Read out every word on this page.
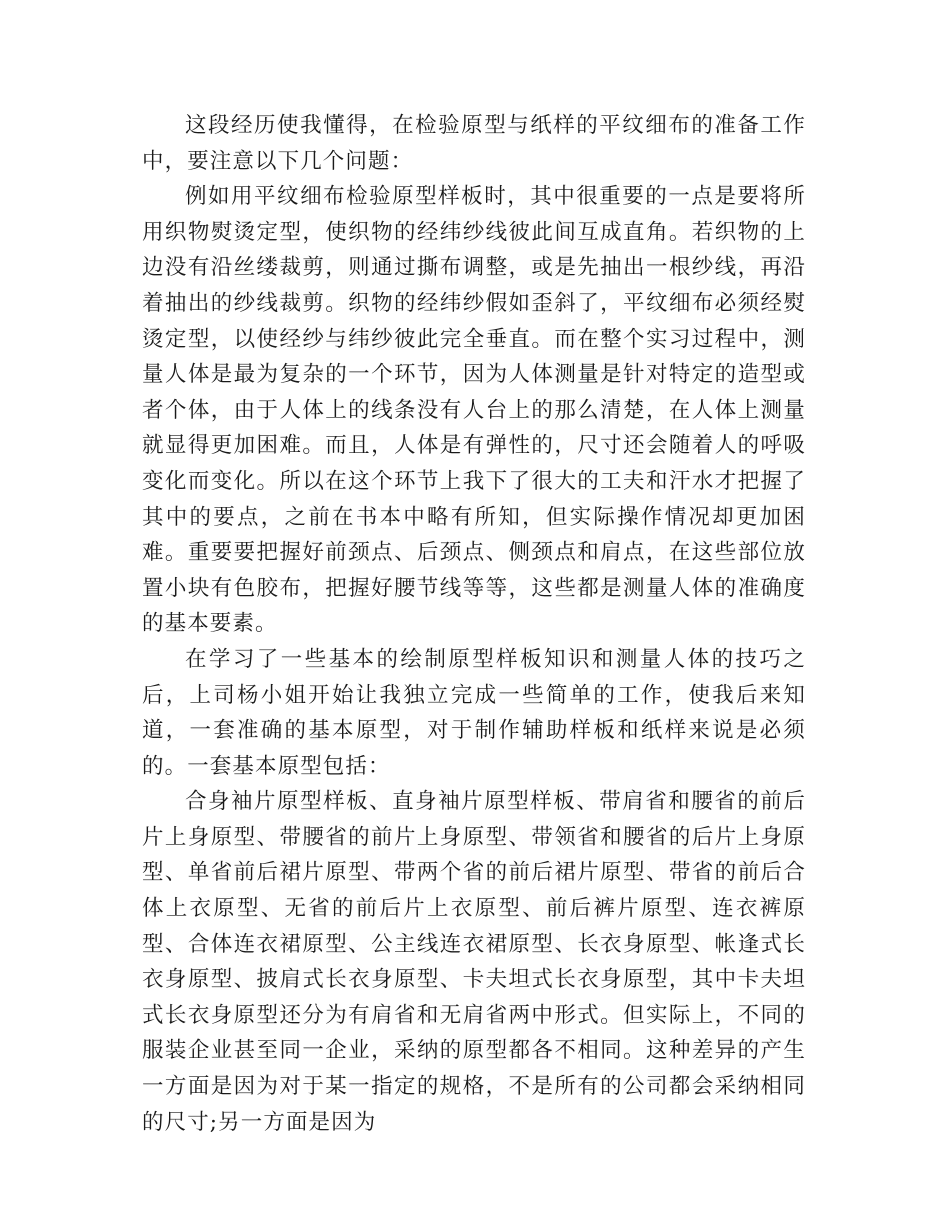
这段经历使我懂得，在检验原型与纸样的平纹细布的准备工作中，要注意以下几个问题：

例如用平纹细布检验原型样板时，其中很重要的一点是要将所用织物熨烫定型，使织物的经纬纱线彼此间互成直角。若织物的上边没有沿丝缕裁剪，则通过撕布调整，或是先抽出一根纱线，再沿着抽出的纱线裁剪。织物的经纬纱假如歪斜了，平纹细布必须经熨烫定型，以使经纱与纬纱彼此完全垂直。而在整个实习过程中，测量人体是最为复杂的一个环节，因为人体测量是针对特定的造型或者个体，由于人体上的线条没有人台上的那么清楚，在人体上测量就显得更加困难。而且，人体是有弹性的，尺寸还会随着人的呼吸变化而变化。所以在这个环节上我下了很大的工夫和汗水才把握了其中的要点，之前在书本中略有所知，但实际操作情况却更加困难。重要要把握好前颈点、后颈点、侧颈点和肩点，在这些部位放置小块有色胶布，把握好腰节线等等，这些都是测量人体的准确度的基本要素。

在学习了一些基本的绘制原型样板知识和测量人体的技巧之后，上司杨小姐开始让我独立完成一些简单的工作，使我后来知道，一套准确的基本原型，对于制作辅助样板和纸样来说是必须的。一套基本原型包括：

合身袖片原型样板、直身袖片原型样板、带肩省和腰省的前后片上身原型、带腰省的前片上身原型、带领省和腰省的后片上身原型、单省前后裙片原型、带两个省的前后裙片原型、带省的前后合体上衣原型、无省的前后片上衣原型、前后裤片原型、连衣裤原型、合体连衣裙原型、公主线连衣裙原型、长衣身原型、帐逢式长衣身原型、披肩式长衣身原型、卡夫坦式长衣身原型，其中卡夫坦式长衣身原型还分为有肩省和无肩省两中形式。但实际上，不同的服装企业甚至同一企业，采纳的原型都各不相同。这种差异的产生一方面是因为对于某一指定的规格，不是所有的公司都会采纳相同的尺寸;另一方面是因为
